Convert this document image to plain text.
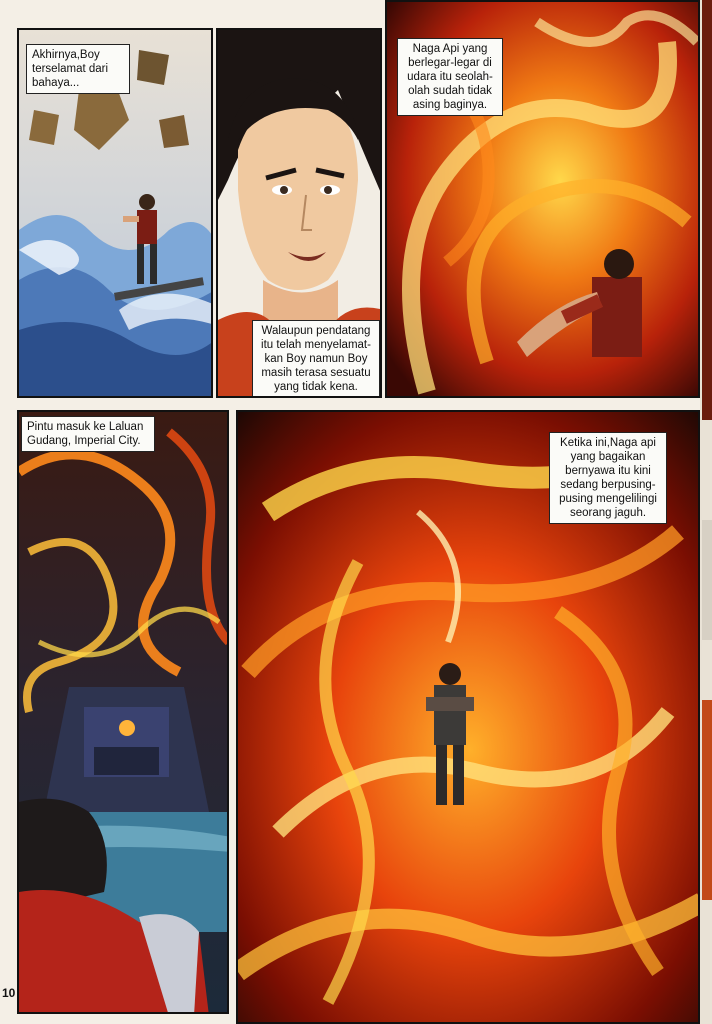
Akhirnya,Boy
terselamat dari
bahaya...
Walaupun pendatang
itu telah menyelamat-
kan Boy namun Boy
masih terasa sesuatu
yang tidak kena.
Naga Api yang
berlegar-legar di
udara itu seolah-
olah sudah tidak
asing baginya.
Pintu masuk ke Laluan
Gudang, Imperial City.	Ketika ini,Naga api
yang bagaikan
bernyawa itu kini
sedang berpusing-
pusing mengelilingi
seorang jaguh.
10
